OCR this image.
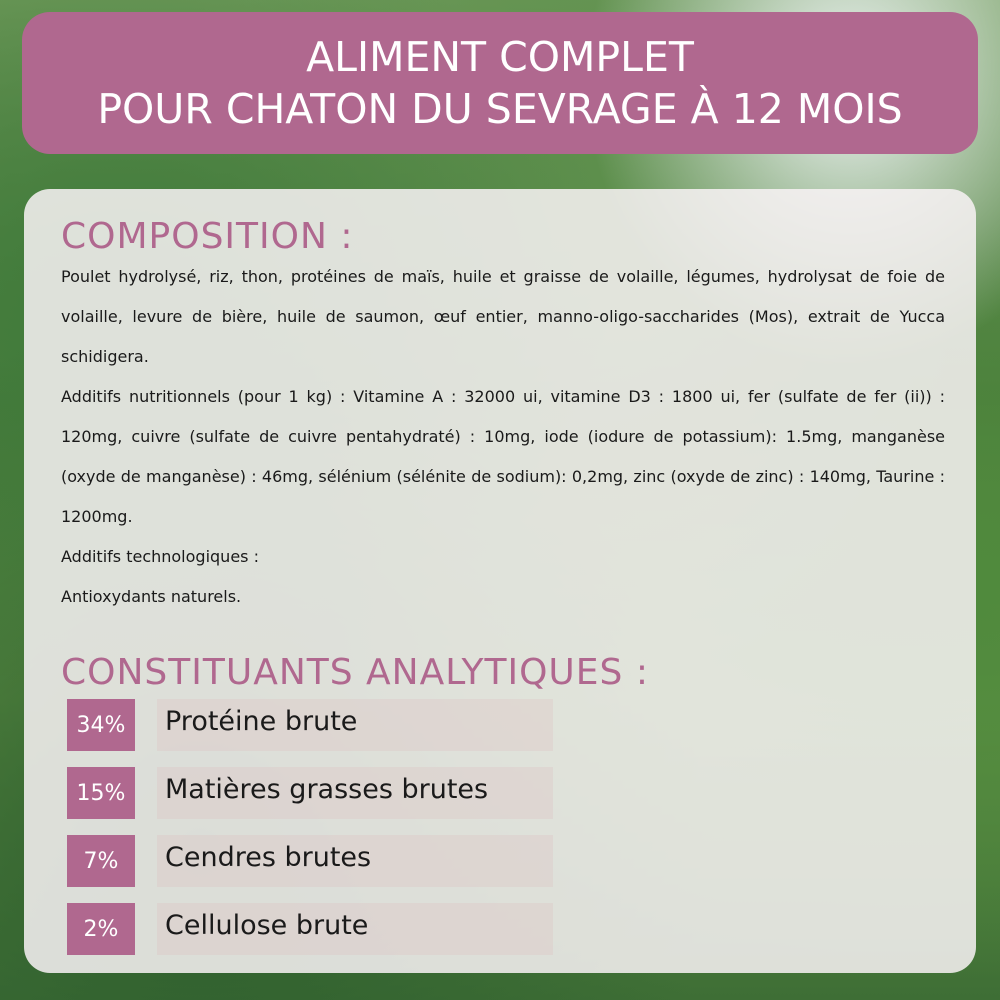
ALIMENT COMPLET
POUR CHATON DU SEVRAGE À 12 MOIS
COMPOSITION :

Poulet hydrolysé, riz, thon, protéines de maïs, huile et graisse de volaille, légumes, hydrolysat de foie de volaille, levure de bière, huile de saumon, œuf entier, manno-oligo-saccharides (Mos), extrait de Yucca schidigera.

Additifs nutritionnels (pour 1 kg) : Vitamine A : 32000 ui, vitamine D3 : 1800 ui, fer (sulfate de fer (ii)) : 120mg, cuivre (sulfate de cuivre pentahydraté) : 10mg, iode (iodure de potassium): 1.5mg, manganèse (oxyde de manganèse) : 46mg, sélénium (sélénite de sodium): 0,2mg, zinc (oxyde de zinc) : 140mg, Taurine : 1200mg.

Additifs technologiques :

Antioxydants naturels.

CONSTITUANTS ANALYTIQUES :
34%	Protéine brute
15%	Matières grasses brutes
7%	Cendres brutes
2%	Cellulose brute
